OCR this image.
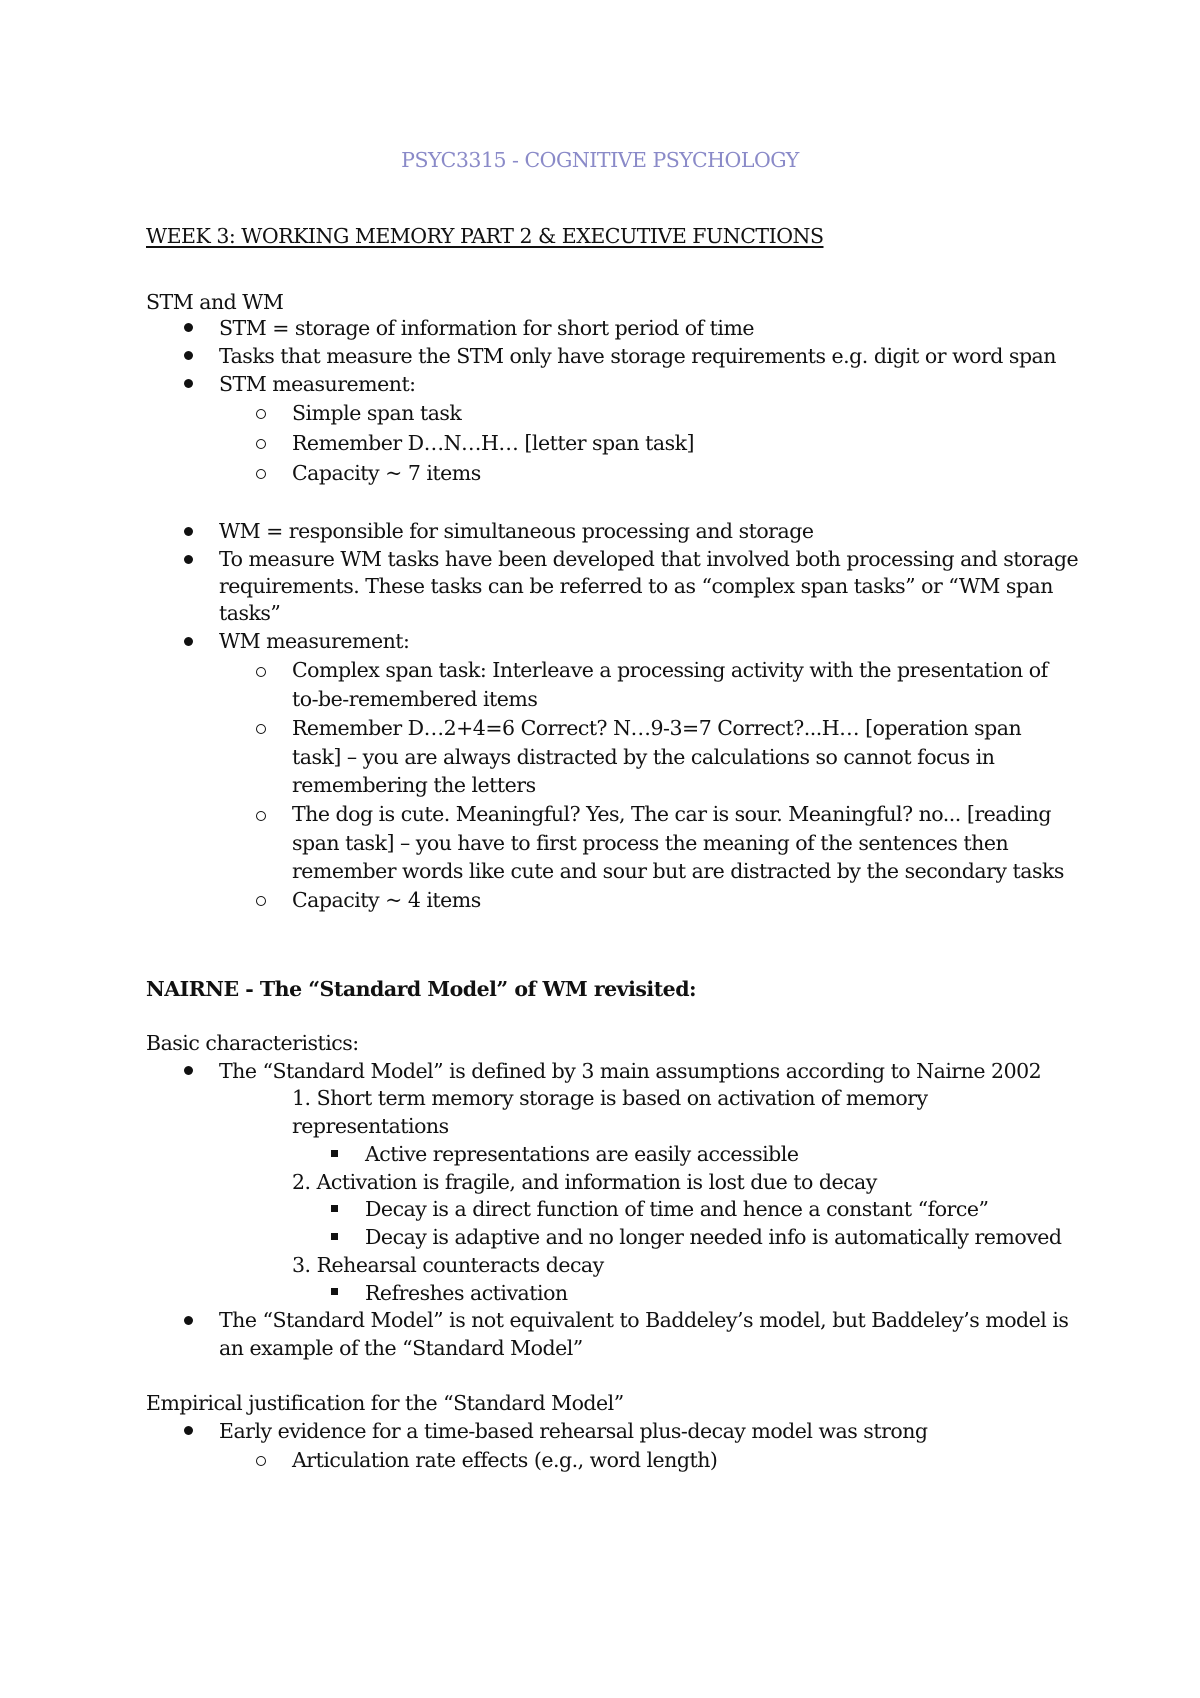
PSYC3315 - COGNITIVE PSYCHOLOGY
WEEK 3: WORKING MEMORY PART 2 & EXECUTIVE FUNCTIONS
STM and WM
STM = storage of information for short period of time
Tasks that measure the STM only have storage requirements e.g. digit or word span
STM measurement:
Simple span task
Remember D…N…H… [letter span task]
Capacity ~ 7 items
WM = responsible for simultaneous processing and storage
To measure WM tasks have been developed that involved both processing and storage
requirements. These tasks can be referred to as “complex span tasks” or “WM span
tasks”
WM measurement:
Complex span task: Interleave a processing activity with the presentation of
to-be-remembered items
Remember D…2+4=6 Correct? N…9-3=7 Correct?...H… [operation span
task] – you are always distracted by the calculations so cannot focus in
remembering the letters
The dog is cute. Meaningful? Yes, The car is sour. Meaningful? no... [reading
span task] – you have to first process the meaning of the sentences then
remember words like cute and sour but are distracted by the secondary tasks
Capacity ~ 4 items
NAIRNE - The “Standard Model” of WM revisited:
Basic characteristics:
The “Standard Model” is defined by 3 main assumptions according to Nairne 2002
1. Short term memory storage is based on activation of memory
representations
Active representations are easily accessible
2. Activation is fragile, and information is lost due to decay
Decay is a direct function of time and hence a constant “force”
Decay is adaptive and no longer needed info is automatically removed
3. Rehearsal counteracts decay
Refreshes activation
The “Standard Model” is not equivalent to Baddeley’s model, but Baddeley’s model is
an example of the “Standard Model”
Empirical justification for the “Standard Model”
Early evidence for a time-based rehearsal plus-decay model was strong
Articulation rate effects (e.g., word length)
